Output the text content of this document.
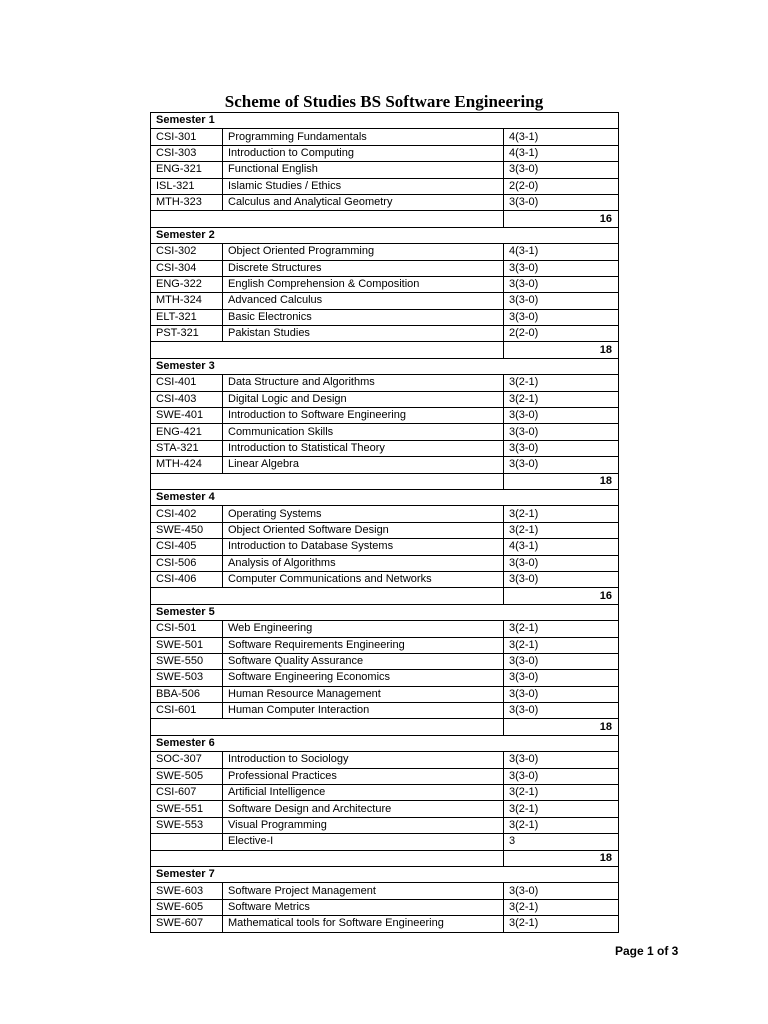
Scheme of Studies BS Software Engineering
Semester 1		
CSI-301	Programming Fundamentals	4(3-1)
CSI-303	Introduction to Computing	4(3-1)
ENG-321	Functional English	3(3-0)
ISL-321	Islamic Studies / Ethics	2(2-0)
MTH-323	Calculus and Analytical Geometry	3(3-0)
		16
Semester 2		
CSI-302	Object Oriented Programming	4(3-1)
CSI-304	Discrete Structures	3(3-0)
ENG-322	English Comprehension & Composition	3(3-0)
MTH-324	Advanced Calculus	3(3-0)
ELT-321	Basic Electronics	3(3-0)
PST-321	Pakistan Studies	2(2-0)
		18
Semester 3		
CSI-401	Data Structure and Algorithms	3(2-1)
CSI-403	Digital Logic and Design	3(2-1)
SWE-401	Introduction to Software Engineering	3(3-0)
ENG-421	Communication Skills	3(3-0)
STA-321	Introduction to Statistical Theory	3(3-0)
MTH-424	Linear Algebra	3(3-0)
		18
Semester 4		
CSI-402	Operating Systems	3(2-1)
SWE-450	Object Oriented Software Design	3(2-1)
CSI-405	Introduction to Database Systems	4(3-1)
CSI-506	Analysis of Algorithms	3(3-0)
CSI-406	Computer Communications and Networks	3(3-0)
		16
Semester 5		
CSI-501	Web Engineering	3(2-1)
SWE-501	Software Requirements Engineering	3(2-1)
SWE-550	Software Quality Assurance	3(3-0)
SWE-503	Software Engineering Economics	3(3-0)
BBA-506	Human Resource Management	3(3-0)
CSI-601	Human Computer Interaction	3(3-0)
		18
Semester 6		
SOC-307	Introduction to Sociology	3(3-0)
SWE-505	Professional Practices	3(3-0)
CSI-607	Artificial Intelligence	3(2-1)
SWE-551	Software Design and Architecture	3(2-1)
SWE-553	Visual Programming	3(2-1)
	Elective-I	3
		18
Semester 7		
SWE-603	Software Project Management	3(3-0)
SWE-605	Software Metrics	3(2-1)
SWE-607	Mathematical tools for Software Engineering	3(2-1)
Page 1 of 3
